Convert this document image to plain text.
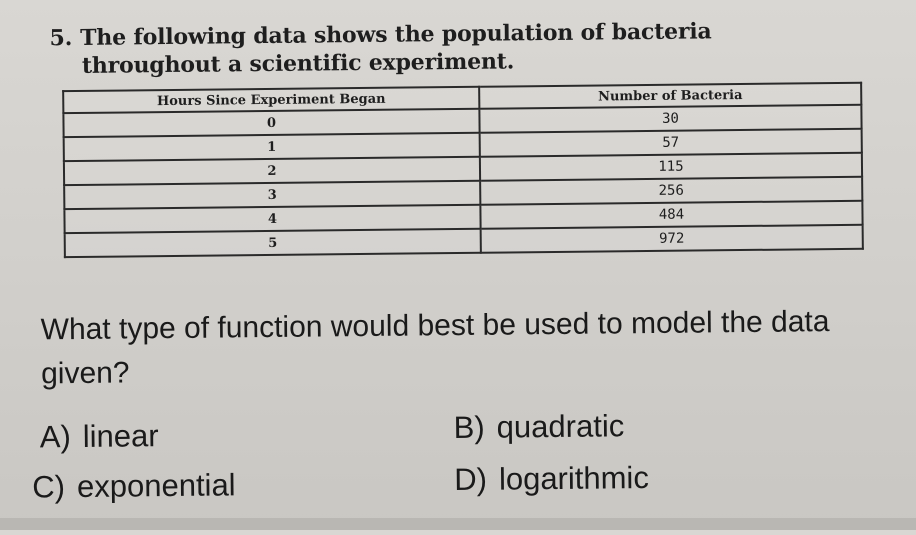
5. The following data shows the population of bacteria
throughout a scientific experiment.
Hours Since Experiment Began	Number of Bacteria
0	30
1	57
2	115
3	256
4	484
5	972
What type of function would best be used to model the data given?
A) linear	B) quadratic
C) exponential	D) logarithmic
